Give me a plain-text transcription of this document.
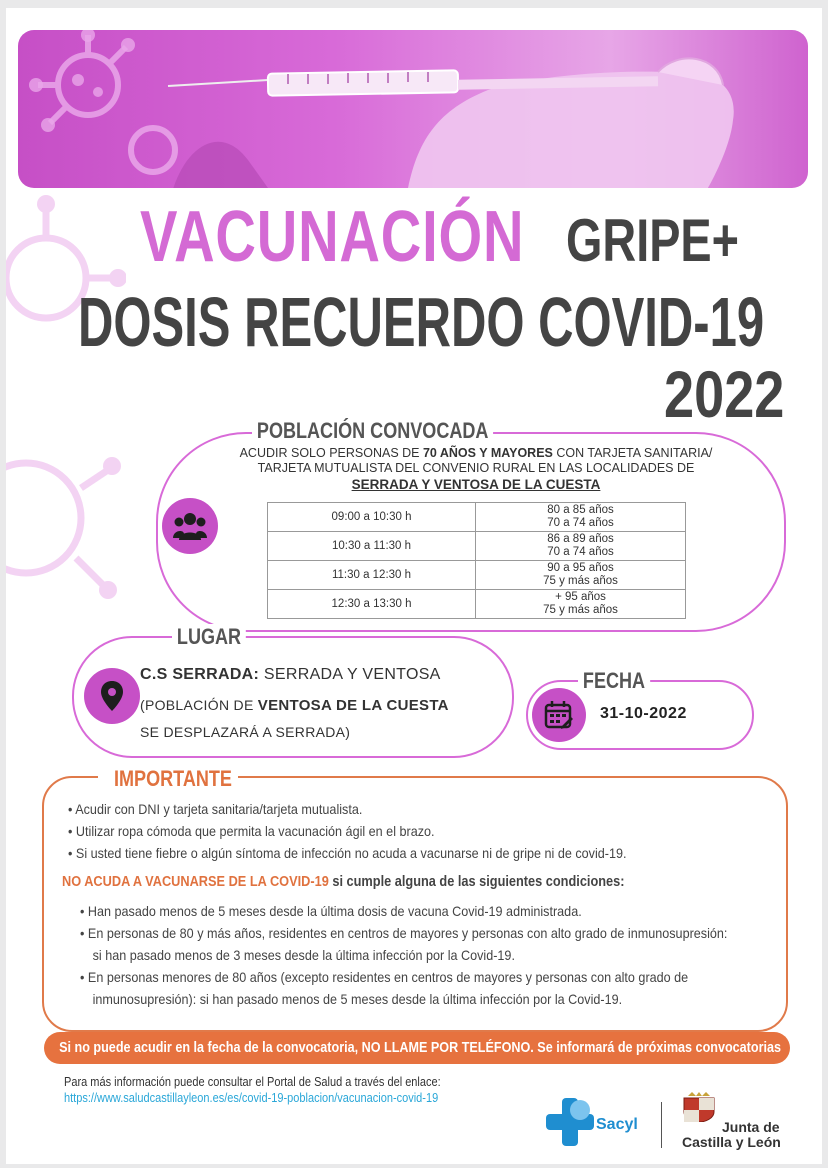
VACUNACIÓN GRIPE+
DOSIS RECUERDO COVID-19
2022
POBLACIÓN CONVOCADA
ACUDIR SOLO PERSONAS DE 70 AÑOS Y MAYORES CON TARJETA SANITARIA/
TARJETA MUTUALISTA DEL CONVENIO RURAL EN LAS LOCALIDADES DE
SERRADA Y VENTOSA DE LA CUESTA
09:00 a 10:30 h	80 a 85 años
70 a 74 años

10:30 a 11:30 h	86 a 89 años
70 a 74 años

11:30 a 12:30 h	90 a 95 años
75 y más años

12:30 a 13:30 h	+ 95 años
75 y más años
LUGAR
C.S SERRADA: SERRADA Y VENTOSA
(POBLACIÓN DE VENTOSA DE LA CUESTA
SE DESPLAZARÁ A SERRADA)
FECHA
31-10-2022
IMPORTANTE
• Acudir con DNI y tarjeta sanitaria/tarjeta mutualista.
• Utilizar ropa cómoda que permita la vacunación ágil en el brazo.
• Si usted tiene fiebre o algún síntoma de infección no acuda a vacunarse ni de gripe ni de covid-19.
NO ACUDA A VACUNARSE DE LA COVID-19 si cumple alguna de las siguientes condiciones:
• Han pasado menos de 5 meses desde la última dosis de vacuna Covid-19 administrada.
• En personas de 80 y más años, residentes en centros de mayores y personas con alto grado de inmunosupresión:
si han pasado menos de 3 meses desde la última infección por la Covid-19.
• En personas menores de 80 años (excepto residentes en centros de mayores y personas con alto grado de
inmunosupresión): si han pasado menos de 5 meses desde la última infección por la Covid-19.
Si no puede acudir en la fecha de la convocatoria, NO LLAME POR TELÉFONO. Se informará de próximas convocatorias
Para más información puede consultar el Portal de Salud a través del enlace:
https://www.saludcastillayleon.es/es/covid-19-poblacion/vacunacion-covid-19
Sacyl	Junta de
Castilla y León
